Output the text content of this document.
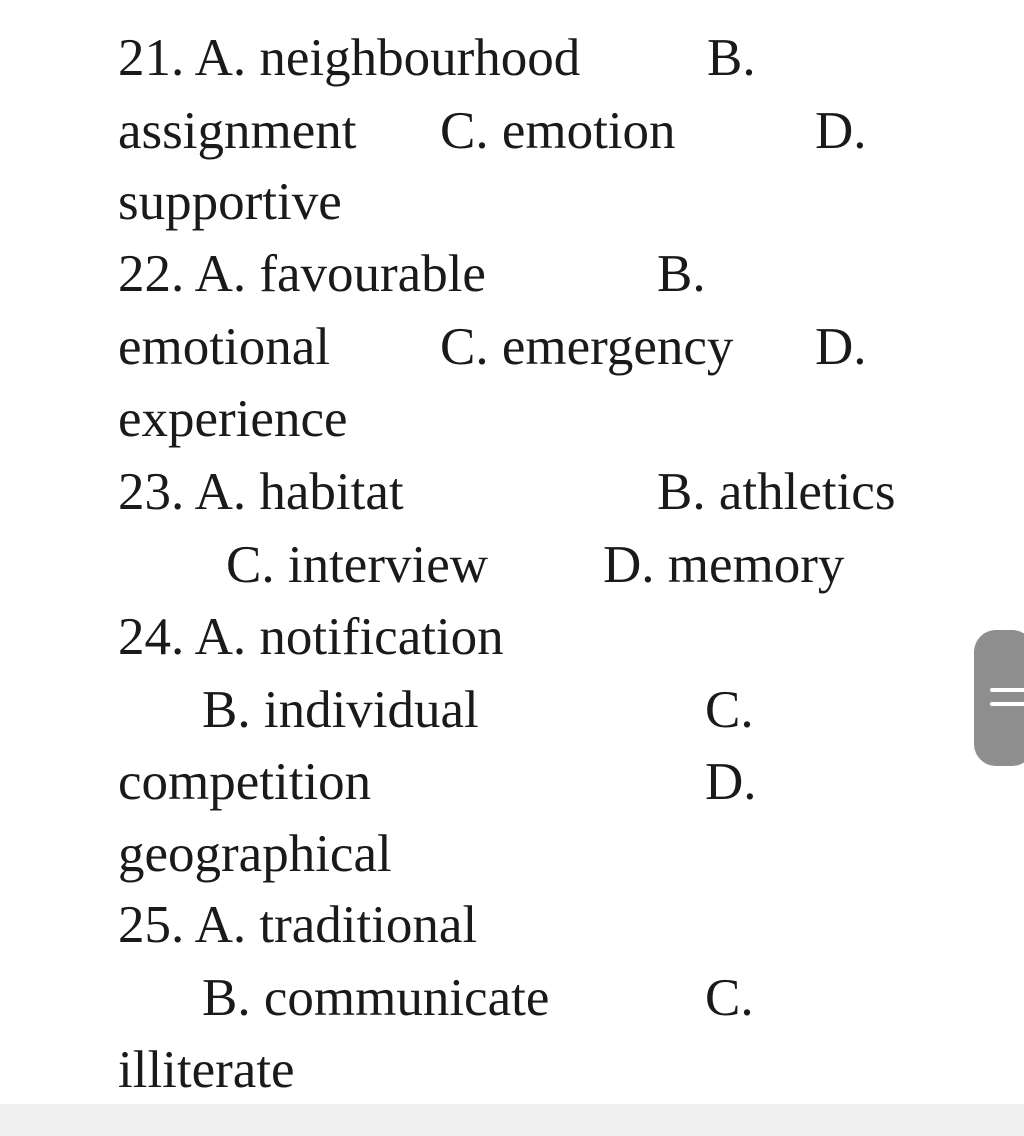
21. A. neighbourhood B.
assignment C. emotion	D.
supportive
22. A. favourable	B.
emotional C. emergency D.
experience
23. A. habitat	B. athletics
C. interview D. memory
24. A. notification
B. individual	C.
competition	D.
geographical
25. A. traditional
B. communicate	C.
illiterate
